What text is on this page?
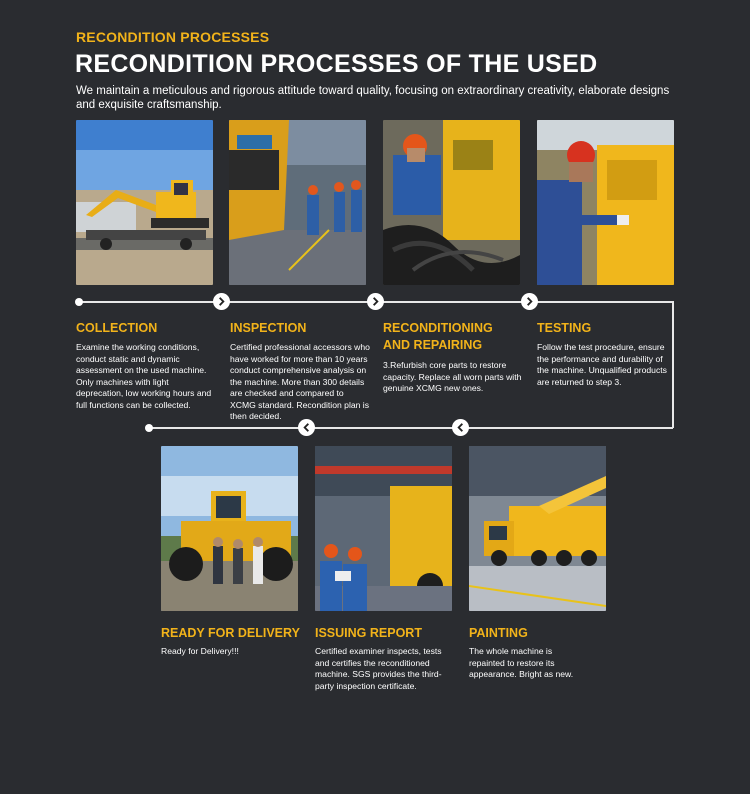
RECONDITION PROCESSES
RECONDITION PROCESSES OF THE USED
We maintain a meticulous and rigorous attitude toward quality, focusing on extraordinary creativity, elaborate designs and exquisite craftsmanship.
COLLECTION
Examine the working conditions, conduct static and dynamic assessment on the used machine. Only machines with light deprecation, low working hours and full functions can be collected.
INSPECTION
Certified professional accessors who have worked for more than 10 years conduct comprehensive analysis on the machine. More than 300 details are checked and compared to XCMG standard. Recondition plan is then decided.
RECONDITIONING AND REPAIRING
3.Refurbish core parts to restore capacity. Replace all worn parts with genuine XCMG new ones.
TESTING
Follow the test procedure, ensure the performance and durability of the machine. Unqualified products are returned to step 3.
READY FOR DELIVERY
Ready for Delivery!!!
ISSUING REPORT
Certified examiner inspects, tests and certifies the reconditioned machine. SGS provides the third-party inspection certificate.
PAINTING
The whole machine is repainted to restore its appearance. Bright as new.
